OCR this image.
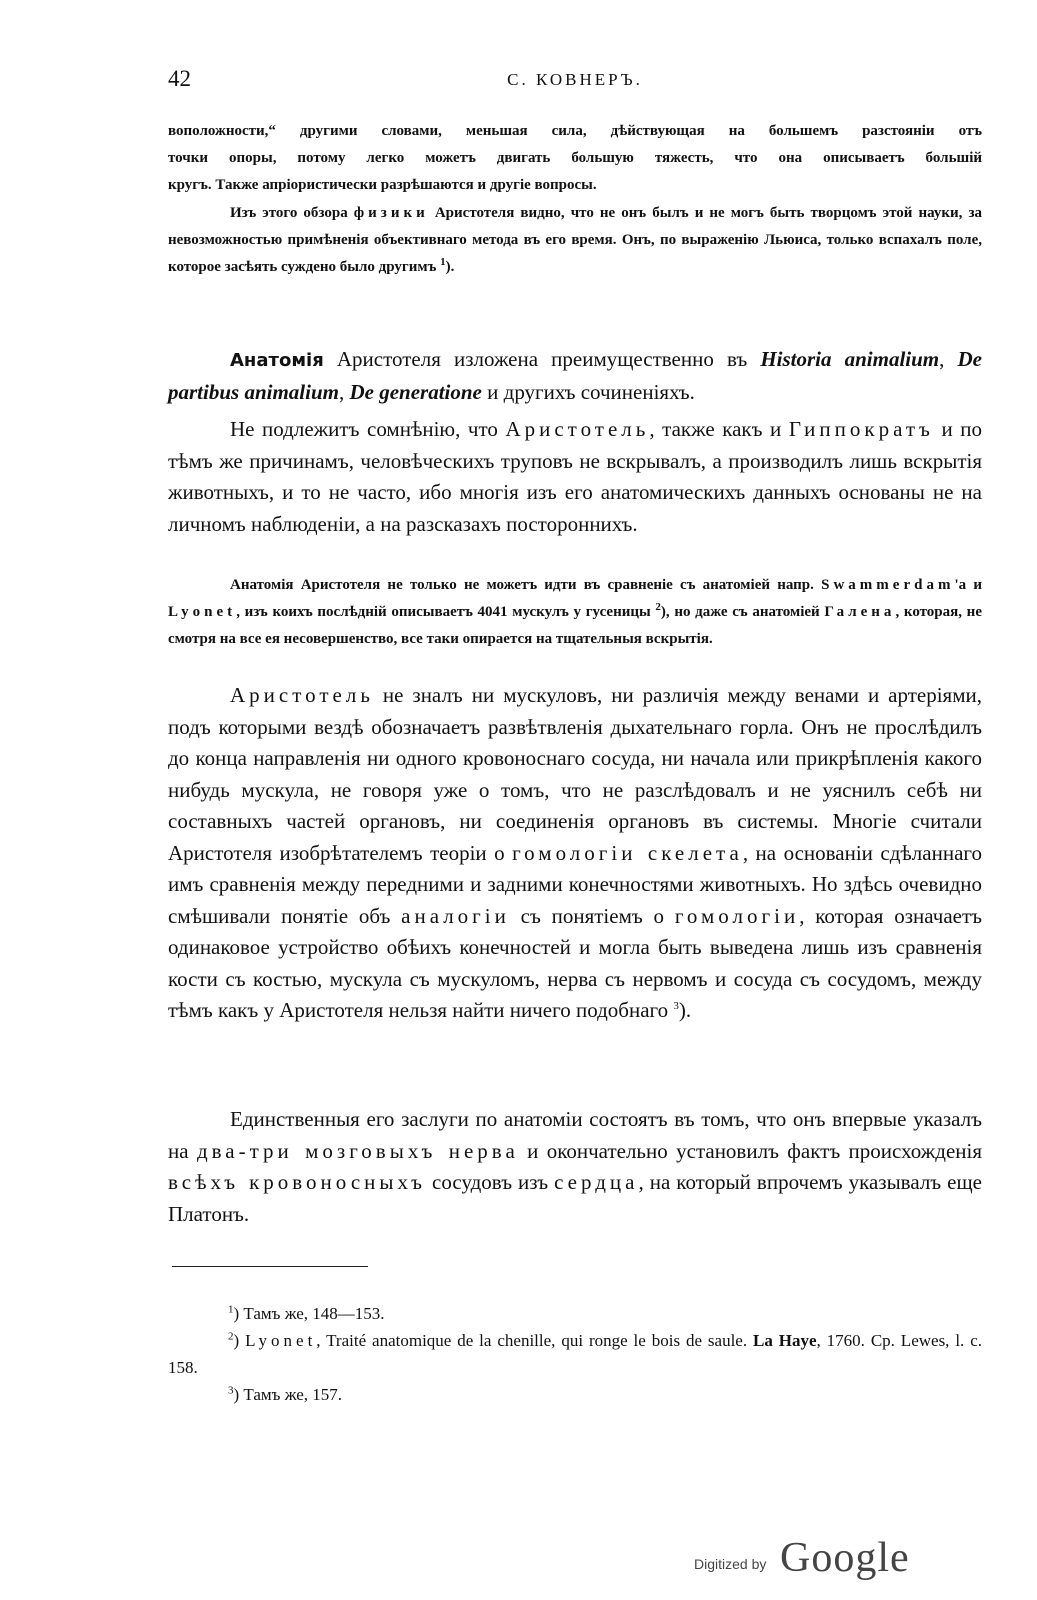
42	С. КОВНЕРЪ.
воположности,“ другими словами, меньшая сила, дѣйствующая на большемъ разстояніи отъ
точки опоры, потому легко можетъ двигать большую тяжесть, что она описываетъ большiй
кругъ. Также апріористически разрѣшаются и другіе вопросы.
Изъ этого обзора физики Аристотеля видно, что не онъ былъ и не могъ быть творцомъ этой науки, за невозможностью примѣненія объективнаго метода въ его время. Онъ, по выраженію Льюиса, только вспахалъ поле, которое засѣять суждено было другимъ $^1$).
Анатомія Аристотеля изложена преимущественно въ Historia animalium, De partibus animalium, De generatione и другихъ сочиненіяхъ.
Не подлежитъ сомнѣнію, что Аристотель, также какъ и Гиппократъ и по тѣмъ же причинамъ, человѣческихъ труповъ не вскрывалъ, а производилъ лишь вскрытія животныхъ, и то не часто, ибо многія изъ его анатомическихъ данныхъ основаны не на личномъ наблюденіи, а на разсказахъ постороннихъ.
Анатомія Аристотеля не только не можетъ идти въ сравненіе съ анатоміей напр. Swammerdam'а и Lyonet, изъ коихъ послѣдній описываетъ 4041 мускулъ у гусеницы $^2$), но даже съ анатоміей Галена, которая, не смотря на все ея несовершенство, все таки опирается на тщательныя вскрытія.
Аристотель не зналъ ни мускуловъ, ни различія между венами и артеріями, подъ которыми вездѣ обозначаетъ развѣтвленія дыхательнаго горла. Онъ не прослѣдилъ до конца направленія ни одного кровоноснаго сосуда, ни начала или прикрѣпленія какого нибудь мускула, не говоря уже о томъ, что не разслѣдовалъ и не уяснилъ себѣ ни составныхъ частей органовъ, ни соединенія органовъ въ системы. Многіе считали Аристотеля изобрѣтателемъ теоріи о гомологіи скелета, на основаніи сдѣланнаго имъ сравненія между передними и задними конечностями животныхъ. Но здѣсь очевидно смѣшивали понятіе объ аналогіи съ понятіемъ о гомологіи, которая означаетъ одинаковое устройство обѣихъ конечностей и могла быть выведена лишь изъ сравненія кости съ костью, мускула съ мускуломъ, нерва съ нервомъ и сосуда съ сосудомъ, между тѣмъ какъ у Аристотеля нельзя найти ничего подобнаго $^3$).
Единственныя его заслуги по анатоміи состоятъ въ томъ, что онъ впервые указалъ на два-три мозговыхъ нерва и окончательно установилъ фактъ происхожденія всѣхъ кровоносныхъ сосудовъ изъ сердца, на который впрочемъ указывалъ еще Платонъ.
$^1$) Тамъ же, 148—153.
$^2$) Lyonet, Traité anatomique de la chenille, qui ronge le bois de saule. La Haye, 1760. Ср. Lewes, l. c. 158.
$^3$) Тамъ же, 157.
Digitized by Google
